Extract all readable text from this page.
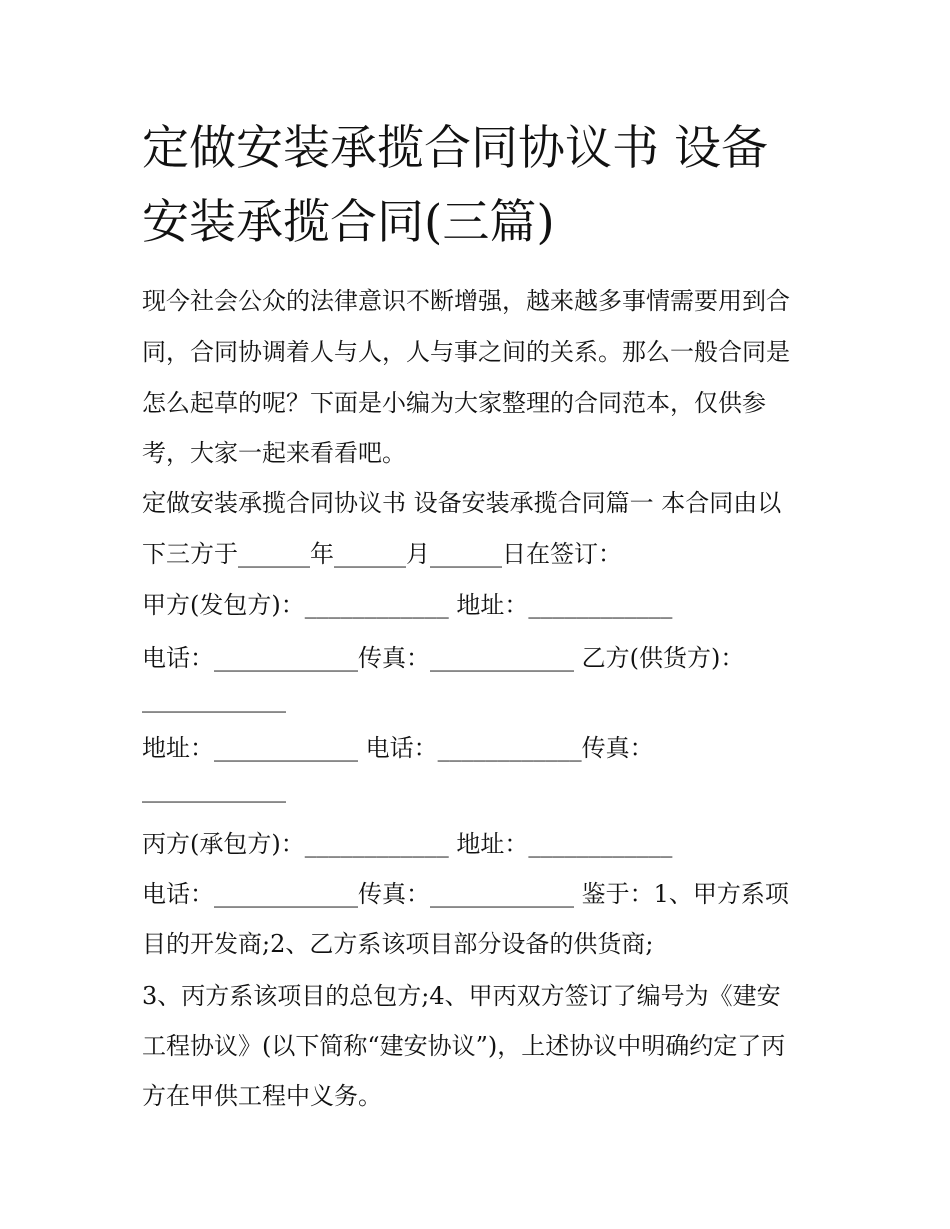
定做安装承揽合同协议书 设备
安装承揽合同(三篇)

现今社会公众的法律意识不断增强，越来越多事情需要用到合

同，合同协调着人与人，人与事之间的关系。那么一般合同是

怎么起草的呢？下面是小编为大家整理的合同范本，仅供参

考，大家一起来看看吧。

定做安装承揽合同协议书 设备安装承揽合同篇一 本合同由以

下三方于______年______月______日在签订：

甲方(发包方)：____________ 地址：____________

电话：____________传真：____________ 乙方(供货方)：

____________

地址：____________ 电话：____________传真：

____________

丙方(承包方)：____________ 地址：____________

电话：____________传真：____________ 鉴于：1、甲方系项

目的开发商;2、乙方系该项目部分设备的供货商;

3、丙方系该项目的总包方;4、甲丙双方签订了编号为《建安

工程协议》(以下简称“建安协议”)，上述协议中明确约定了丙

方在甲供工程中义务。
